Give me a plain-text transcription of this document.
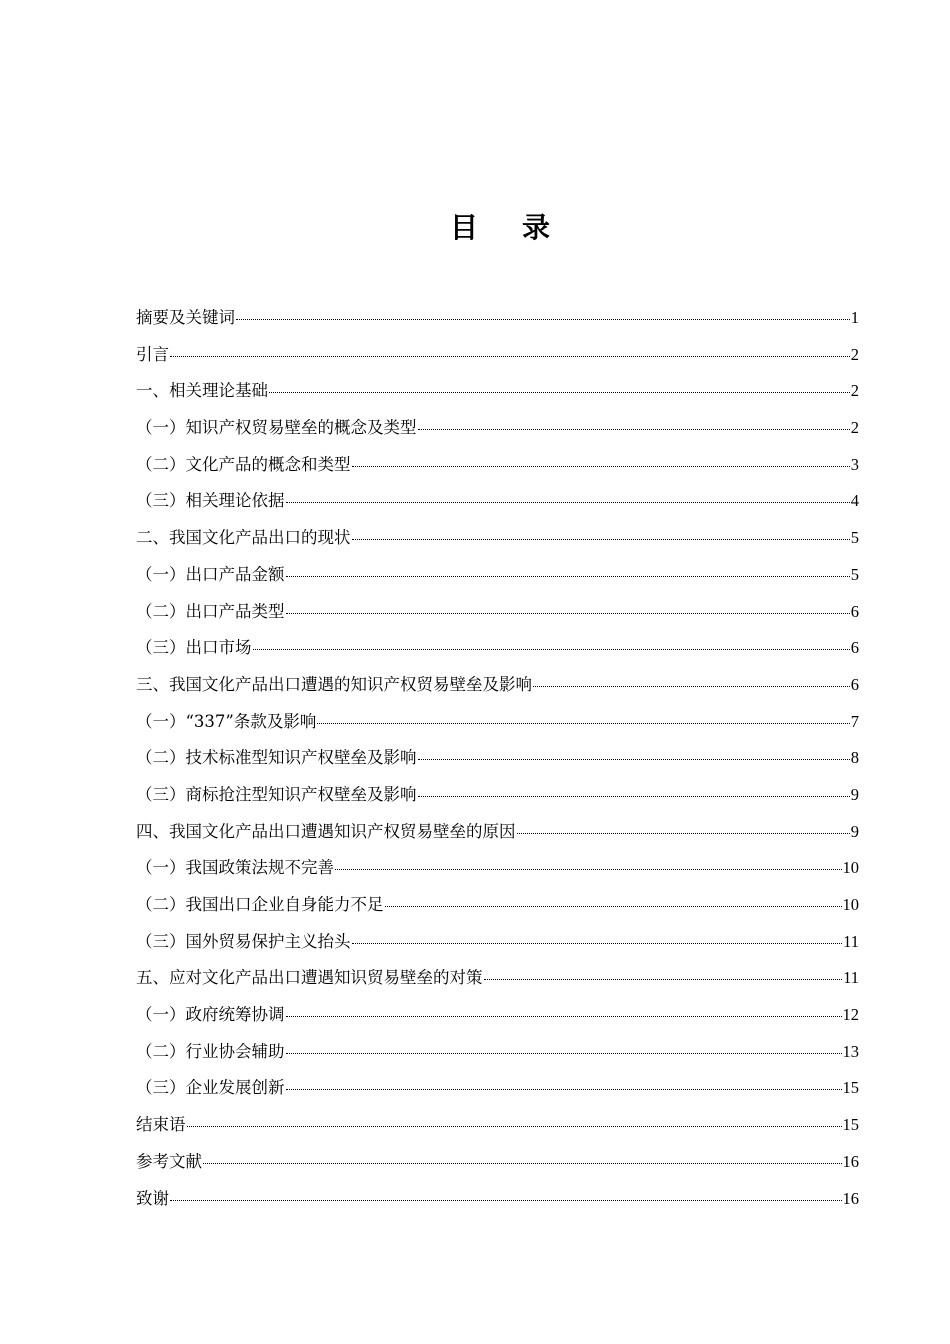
目 录
摘要及关键词	1
引言	2
一、相关理论基础	2
（一）知识产权贸易壁垒的概念及类型	2
（二）文化产品的概念和类型	3
（三）相关理论依据	4
二、我国文化产品出口的现状	5
（一）出口产品金额	5
（二）出口产品类型	6
（三）出口市场	6
三、我国文化产品出口遭遇的知识产权贸易壁垒及影响	6
（一）“337”条款及影响	7
（二）技术标准型知识产权壁垒及影响	8
（三）商标抢注型知识产权壁垒及影响	9
四、我国文化产品出口遭遇知识产权贸易壁垒的原因	9
（一）我国政策法规不完善	10
（二）我国出口企业自身能力不足	10
（三）国外贸易保护主义抬头	11
五、应对文化产品出口遭遇知识贸易壁垒的对策	11
（一）政府统筹协调	12
（二）行业协会辅助	13
（三）企业发展创新	15
结束语	15
参考文献	16
致谢	16
